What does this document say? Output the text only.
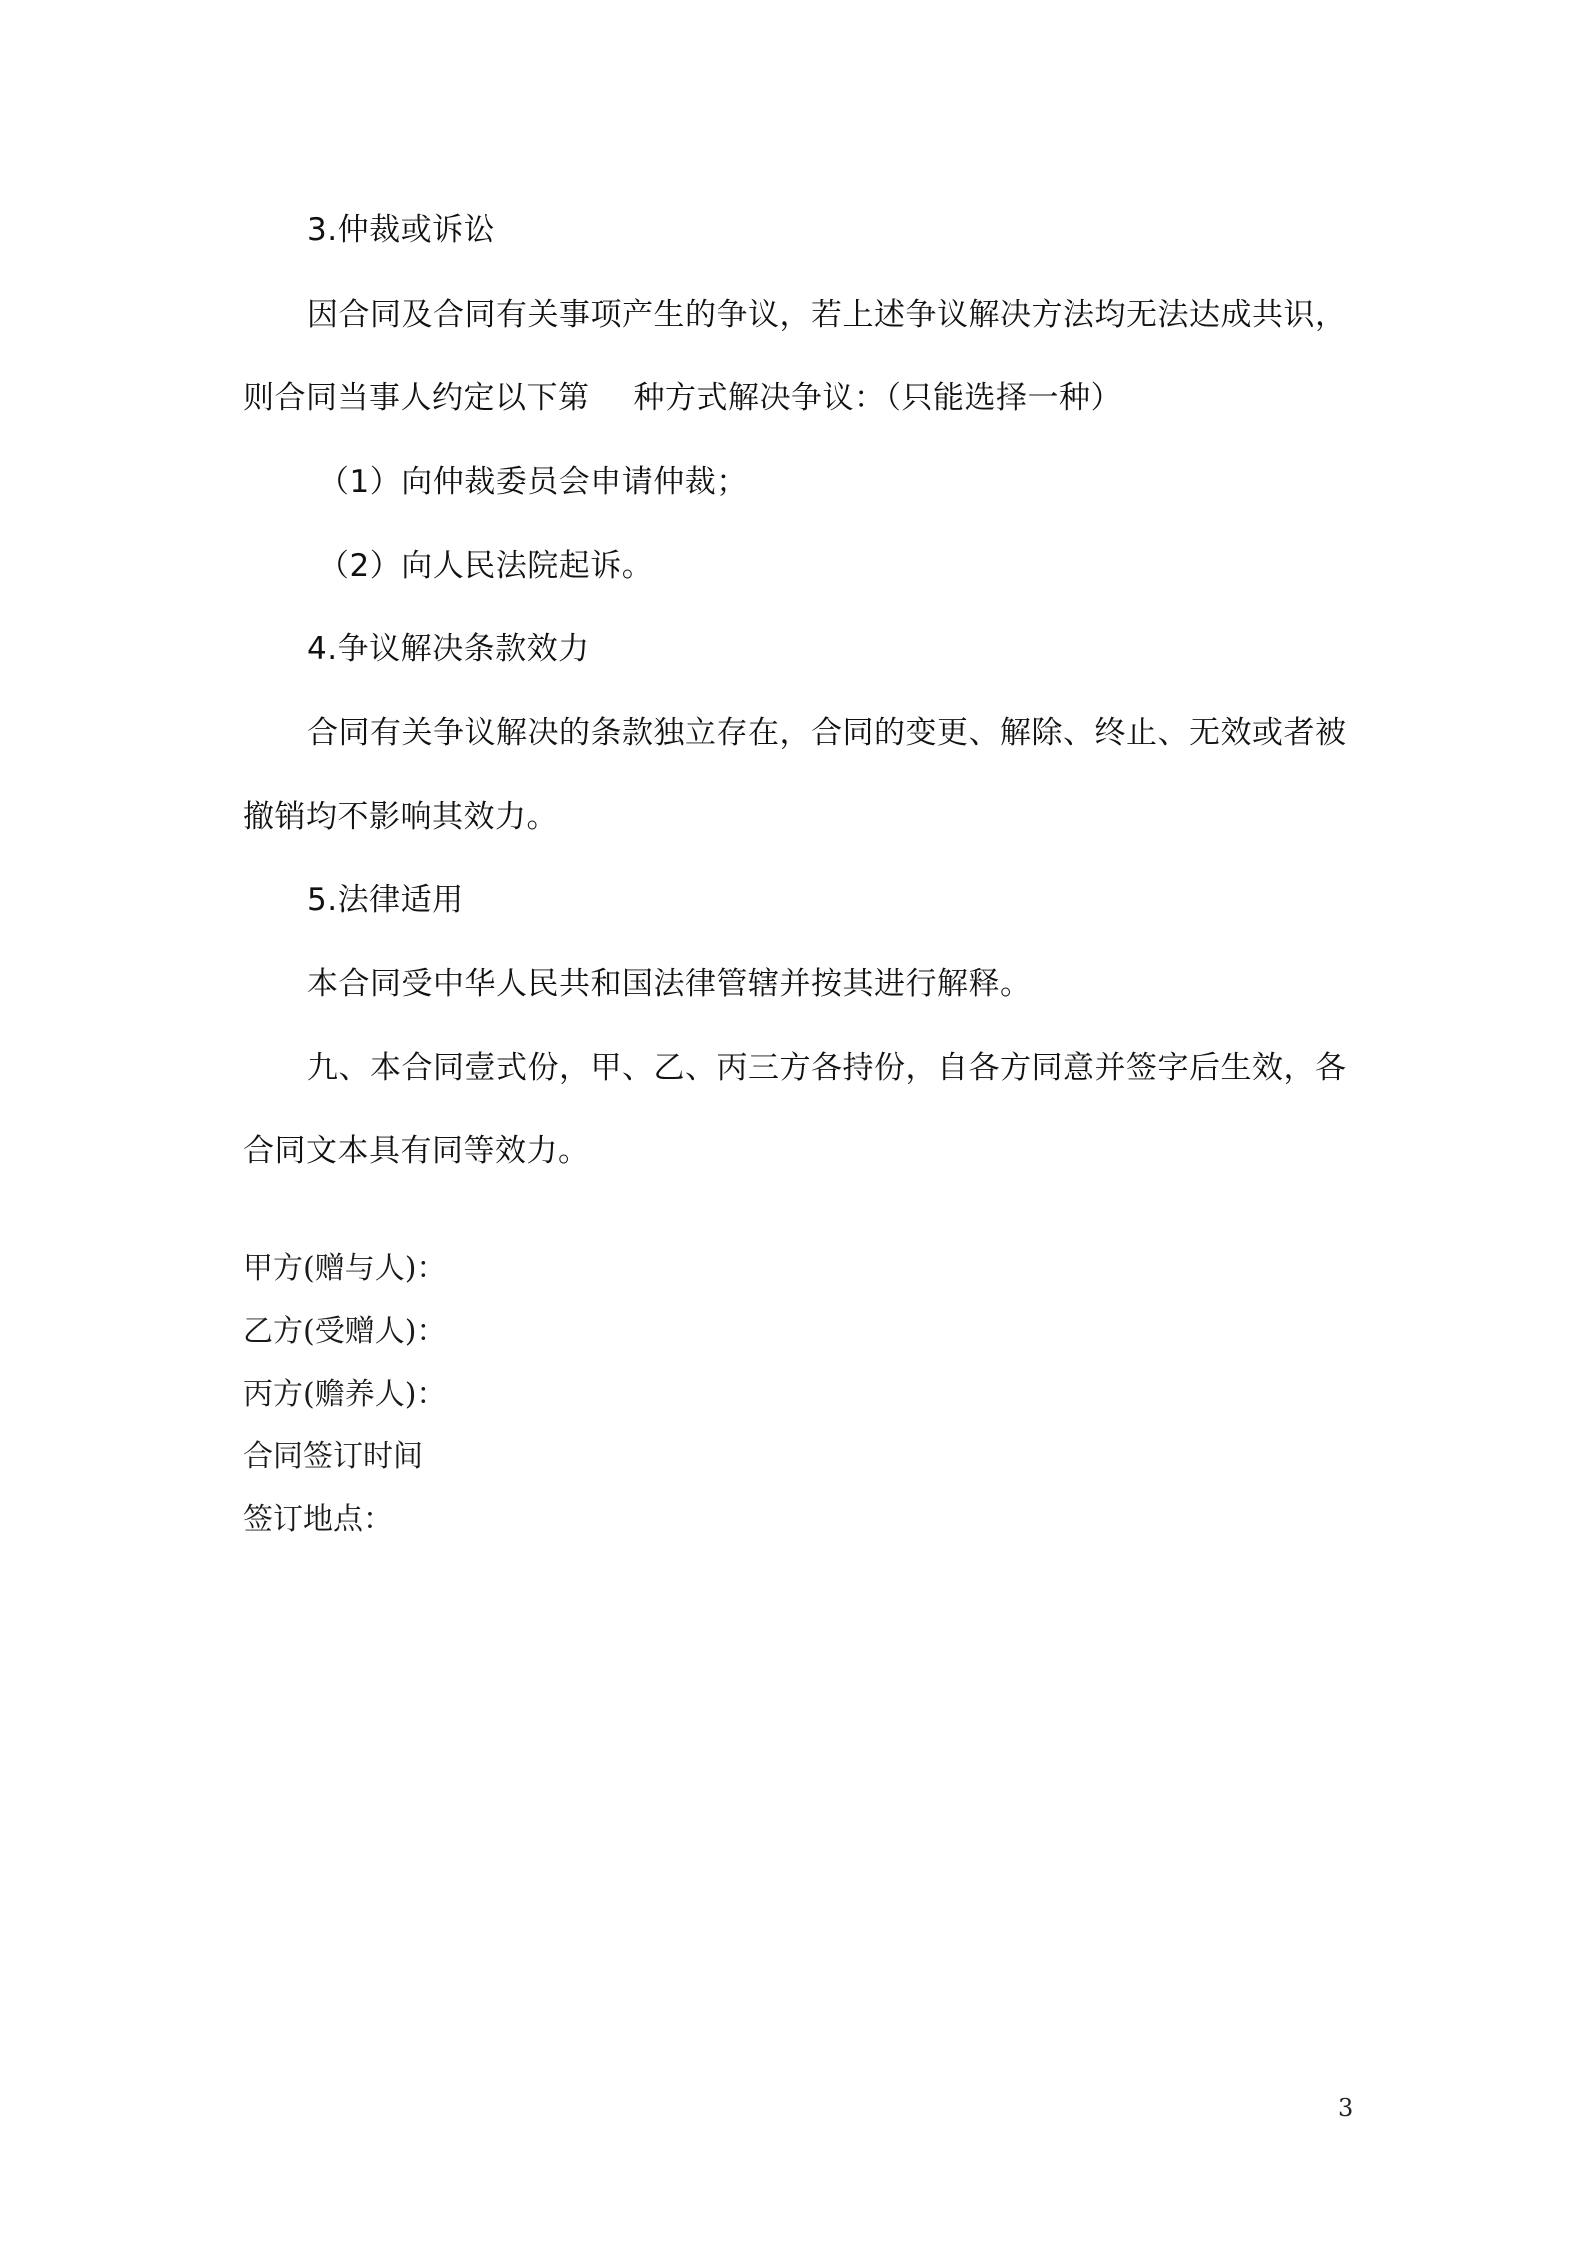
3.仲裁或诉讼
因合同及合同有关事项产生的争议，若上述争议解决方法均无法达成共识，
则合同当事人约定以下第 种方式解决争议：（只能选择一种）
（1）向仲裁委员会申请仲裁；
（2）向人民法院起诉。
4.争议解决条款效力
合同有关争议解决的条款独立存在，合同的变更、解除、终止、无效或者被
撤销均不影响其效力。
5.法律适用
本合同受中华人民共和国法律管辖并按其进行解释。
九、本合同壹式份，甲、乙、丙三方各持份，自各方同意并签字后生效，各
合同文本具有同等效力。
甲方(赠与人)：
乙方(受赠人)：
丙方(赡养人)：
合同签订时间
签订地点：
3
